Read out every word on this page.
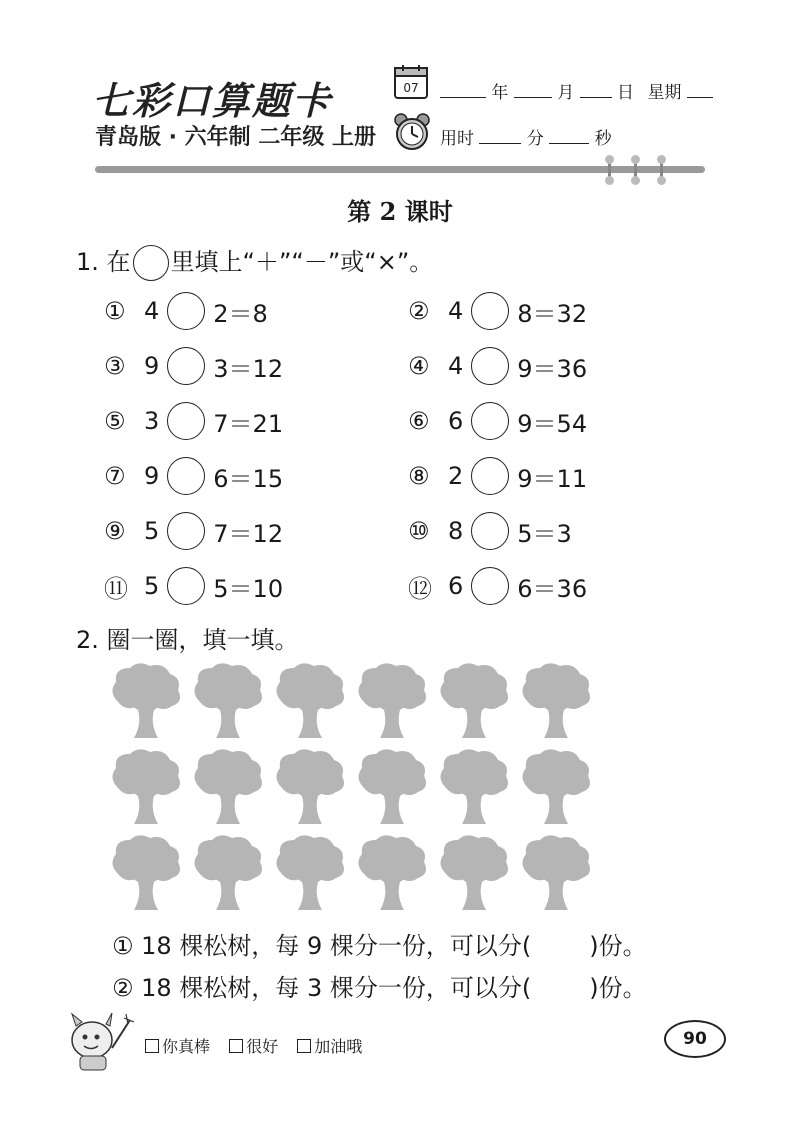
七彩口算题卡
青岛版 · 六年制 二年级 上册
07	年	月	日 星期
用时	分	秒
第 2 课时
1. 在 里填上“＋”“－”或“×”。
① 4 2＝8	② 4 8＝32
③ 9 3＝12	④ 4 9＝36
⑤ 3 7＝21	⑥ 6 9＝54
⑦ 9 6＝15	⑧ 2 9＝11
⑨ 5 7＝12	⑩ 8 5＝3
⑪ 5 5＝10	⑫ 6 6＝36
2. 圈一圈，填一填。
① 18 棵松树，每 9 棵分一份，可以分( )份。
② 18 棵松树，每 3 棵分一份，可以分( )份。
你真棒 很好 加油哦	90
